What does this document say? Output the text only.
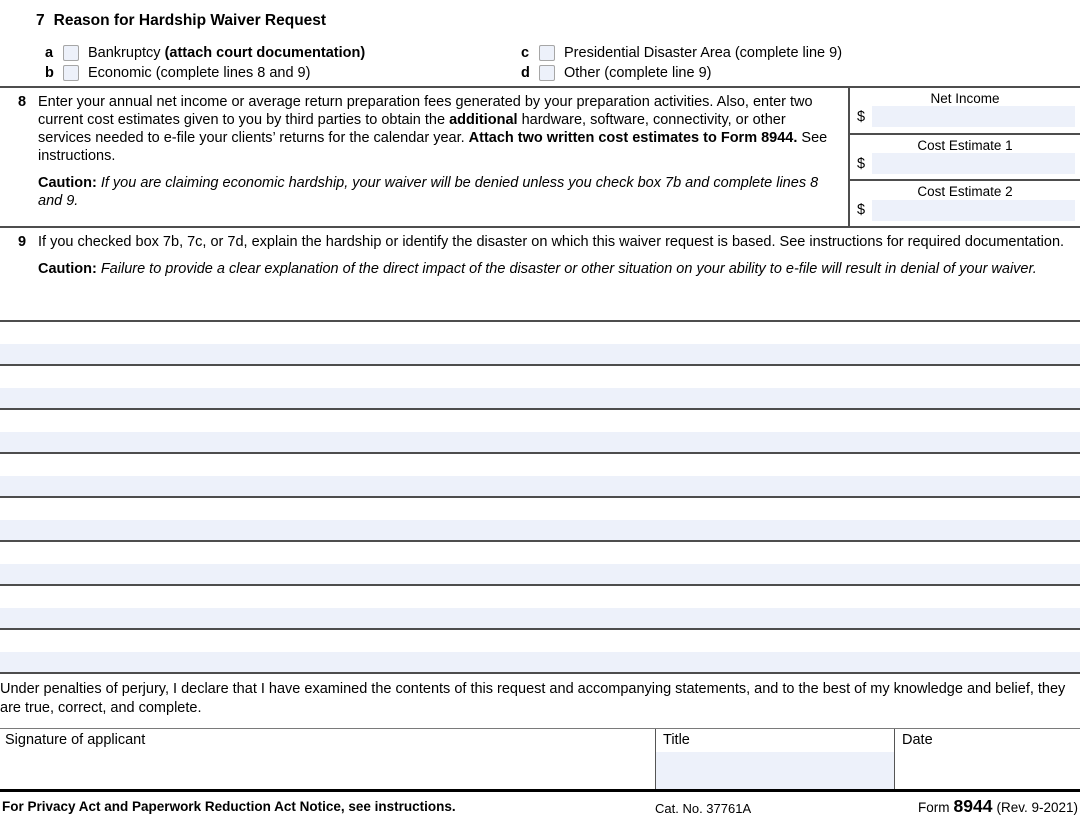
7 Reason for Hardship Waiver Request
a Bankruptcy (attach court documentation)
b Economic (complete lines 8 and 9)
c Presidential Disaster Area (complete line 9)
d Other (complete line 9)
8 Enter your annual net income or average return preparation fees generated by your preparation activities. Also, enter two current cost estimates given to you by third parties to obtain the additional hardware, software, connectivity, or other services needed to e-file your clients’ returns for the calendar year. Attach two written cost estimates to Form 8944. See instructions.
Caution: If you are claiming economic hardship, your waiver will be denied unless you check box 7b and complete lines 8 and 9.
Net Income
$
Cost Estimate 1
$
Cost Estimate 2
$
9 If you checked box 7b, 7c, or 7d, explain the hardship or identify the disaster on which this waiver request is based. See instructions for required documentation.
Caution: Failure to provide a clear explanation of the direct impact of the disaster or other situation on your ability to e-file will result in denial of your waiver.
Under penalties of perjury, I declare that I have examined the contents of this request and accompanying statements, and to the best of my knowledge and belief, they are true, correct, and complete.
Signature of applicant	Title	Date
For Privacy Act and Paperwork Reduction Act Notice, see instructions.	Cat. No. 37761A	Form 8944 (Rev. 9-2021)
